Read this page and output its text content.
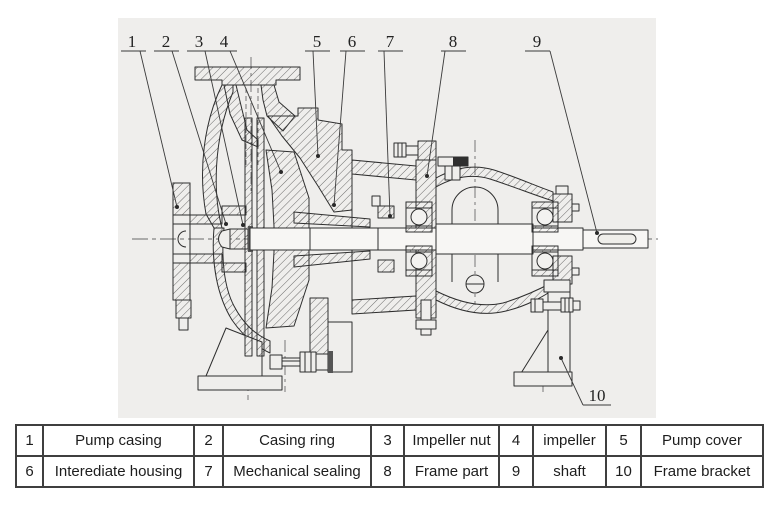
1 2 3 4	5 6 7	8	9
10
1	Pump casing	2	Casing ring	3	Impeller nut	4	impeller	5	Pump cover
6	Interediate housing	7	Mechanical sealing	8	Frame part	9	shaft	10	Frame bracket
